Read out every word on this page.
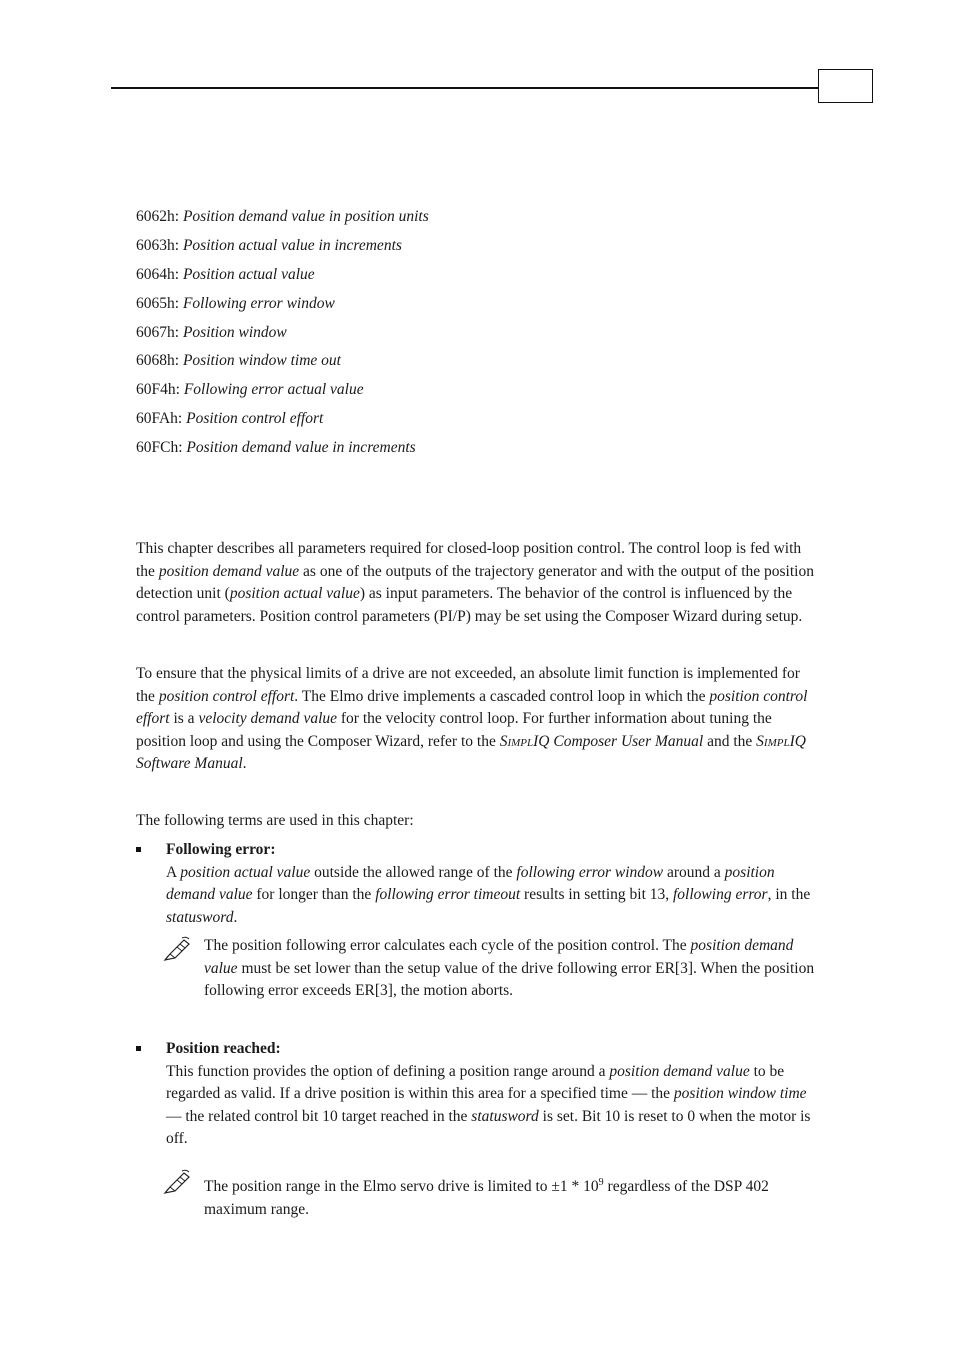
6062h: Position demand value in position units
6063h: Position actual value in increments
6064h: Position actual value
6065h: Following error window
6067h: Position window
6068h: Position window time out
60F4h: Following error actual value
60FAh: Position control effort
60FCh: Position demand value in increments

This chapter describes all parameters required for closed-loop position control. The control loop is fed with the position demand value as one of the outputs of the trajectory generator and with the output of the position detection unit (position actual value) as input parameters. The behavior of the control is influenced by the control parameters. Position control parameters (PI/P) may be set using the Composer Wizard during setup.

To ensure that the physical limits of a drive are not exceeded, an absolute limit function is implemented for the position control effort. The Elmo drive implements a cascaded control loop in which the position control effort is a velocity demand value for the velocity control loop. For further information about tuning the position loop and using the Composer Wizard, refer to the SimplIQ Composer User Manual and the SimplIQ Software Manual.

The following terms are used in this chapter:

Following error:
A position actual value outside the allowed range of the following error window around a position demand value for longer than the following error timeout results in setting bit 13, following error, in the statusword.
The position following error calculates each cycle of the position control. The position demand value must be set lower than the setup value of the drive following error ER[3]. When the position following error exceeds ER[3], the motion aborts.
Position reached:
This function provides the option of defining a position range around a position demand value to be regarded as valid. If a drive position is within this area for a specified time — the position window time — the related control bit 10 target reached in the statusword is set. Bit 10 is reset to 0 when the motor is off.
The position range in the Elmo servo drive is limited to $\pm 1 * 10^9$ regardless of the DSP 402 maximum range.
